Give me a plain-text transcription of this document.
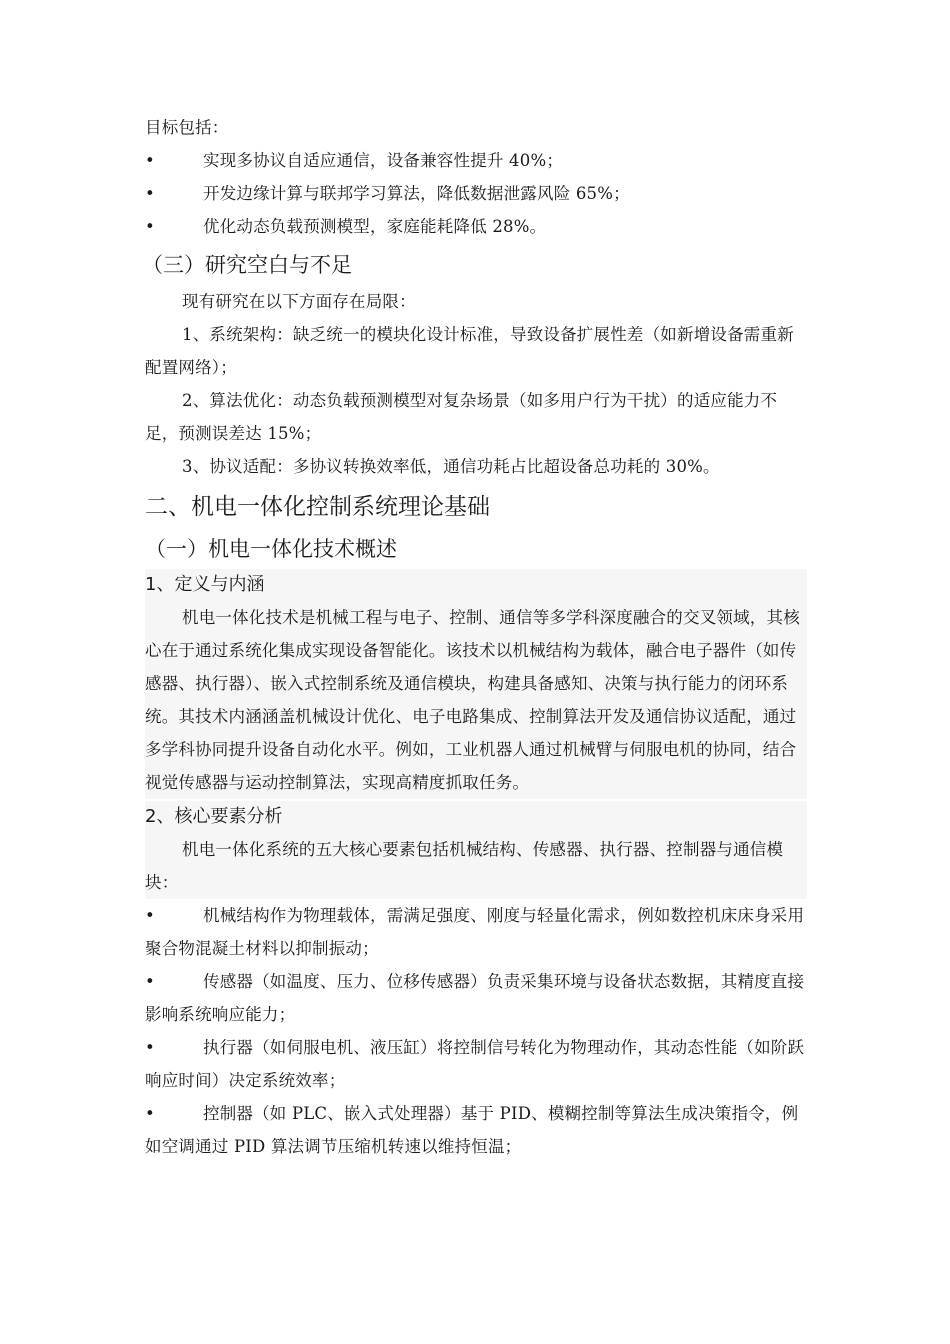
目标包括：

•	实现多协议自适应通信，设备兼容性提升 40%；

•	开发边缘计算与联邦学习算法，降低数据泄露风险 65%；

•	优化动态负载预测模型，家庭能耗降低 28%。

（三）研究空白与不足

现有研究在以下方面存在局限：

1、系统架构：缺乏统一的模块化设计标准，导致设备扩展性差（如新增设备需重新配置网络）；

2、算法优化：动态负载预测模型对复杂场景（如多用户行为干扰）的适应能力不足，预测误差达 15%；

3、协议适配：多协议转换效率低，通信功耗占比超设备总功耗的 30%。

二、机电一体化控制系统理论基础
（一）机电一体化技术概述
1、定义与内涵

机电一体化技术是机械工程与电子、控制、通信等多学科深度融合的交叉领域，其核心在于通过系统化集成实现设备智能化。该技术以机械结构为载体，融合电子器件（如传感器、执行器）、嵌入式控制系统及通信模块，构建具备感知、决策与执行能力的闭环系统。其技术内涵涵盖机械设计优化、电子电路集成、控制算法开发及通信协议适配，通过多学科协同提升设备自动化水平。例如，工业机器人通过机械臂与伺服电机的协同，结合视觉传感器与运动控制算法，实现高精度抓取任务。

2、核心要素分析

机电一体化系统的五大核心要素包括机械结构、传感器、执行器、控制器与通信模块：

•	机械结构作为物理载体，需满足强度、刚度与轻量化需求，例如数控机床床身采用聚合物混凝土材料以抑制振动；

•	传感器（如温度、压力、位移传感器）负责采集环境与设备状态数据，其精度直接影响系统响应能力；

•	执行器（如伺服电机、液压缸）将控制信号转化为物理动作，其动态性能（如阶跃响应时间）决定系统效率；

•	控制器（如 PLC、嵌入式处理器）基于 PID、模糊控制等算法生成决策指令，例如空调通过 PID 算法调节压缩机转速以维持恒温；
